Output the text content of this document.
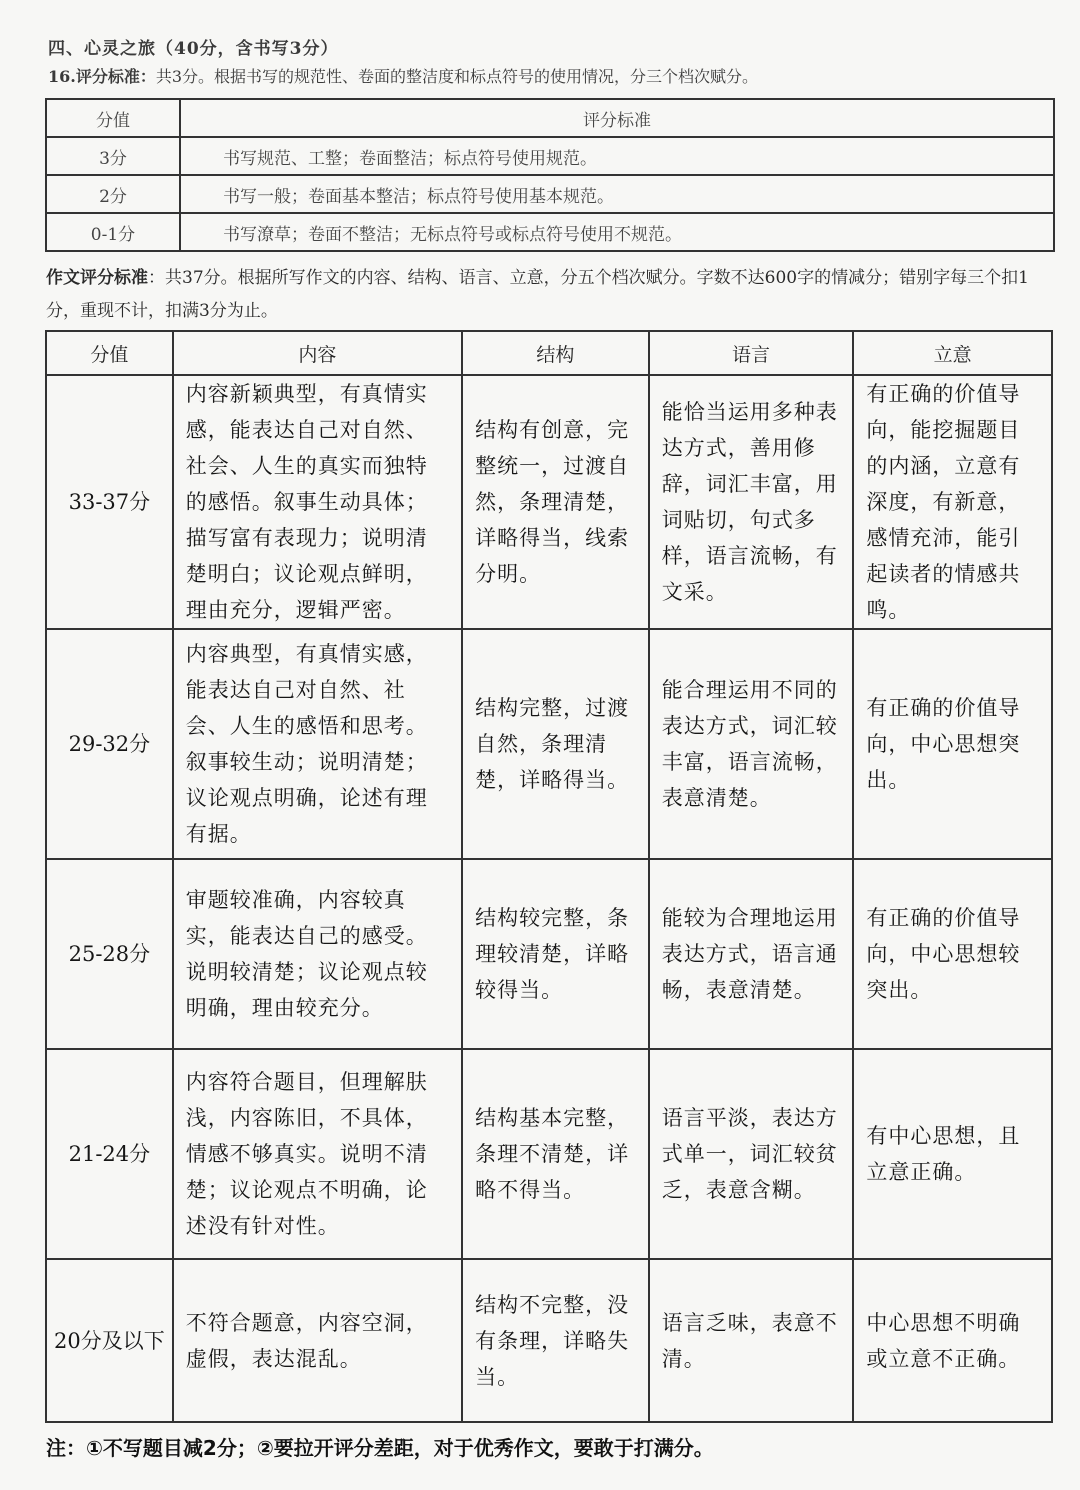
四、心灵之旅（40分，含书写3分）
16.评分标准：共3分。根据书写的规范性、卷面的整洁度和标点符号的使用情况，分三个档次赋分。
分值	评分标准
3分	书写规范、工整；卷面整洁；标点符号使用规范。
2分	书写一般；卷面基本整洁；标点符号使用基本规范。
0-1分	书写潦草；卷面不整洁；无标点符号或标点符号使用不规范。
作文评分标准：共37分。根据所写作文的内容、结构、语言、立意，分五个档次赋分。字数不达600字的情减分；错别字每三个扣1分，重现不计，扣满3分为止。
分值	内容	结构	语言	立意
33-37分	内容新颖典型，有真情实感，能表达自己对自然、社会、人生的真实而独特的感悟。叙事生动具体；描写富有表现力；说明清楚明白；议论观点鲜明，理由充分，逻辑严密。	结构有创意，完整统一，过渡自然，条理清楚，详略得当，线索分明。	能恰当运用多种表达方式，善用修辞，词汇丰富，用词贴切，句式多样，语言流畅，有文采。	有正确的价值导向，能挖掘题目的内涵，立意有深度，有新意，感情充沛，能引起读者的情感共鸣。
29-32分	内容典型，有真情实感，能表达自己对自然、社会、人生的感悟和思考。叙事较生动；说明清楚；议论观点明确，论述有理有据。	结构完整，过渡自然，条理清楚，详略得当。	能合理运用不同的表达方式，词汇较丰富，语言流畅，表意清楚。	有正确的价值导向，中心思想突出。
25-28分	审题较准确，内容较真实，能表达自己的感受。说明较清楚；议论观点较明确，理由较充分。	结构较完整，条理较清楚，详略较得当。	能较为合理地运用表达方式，语言通畅，表意清楚。	有正确的价值导向，中心思想较突出。
21-24分	内容符合题目，但理解肤浅，内容陈旧，不具体，情感不够真实。说明不清楚；议论观点不明确，论述没有针对性。	结构基本完整，条理不清楚，详略不得当。	语言平淡，表达方式单一，词汇较贫乏，表意含糊。	有中心思想，且立意正确。
20分及以下	不符合题意，内容空洞，虚假，表达混乱。	结构不完整，没有条理，详略失当。	语言乏味，表意不清。	中心思想不明确或立意不正确。
注：①不写题目减2分；②要拉开评分差距，对于优秀作文，要敢于打满分。
